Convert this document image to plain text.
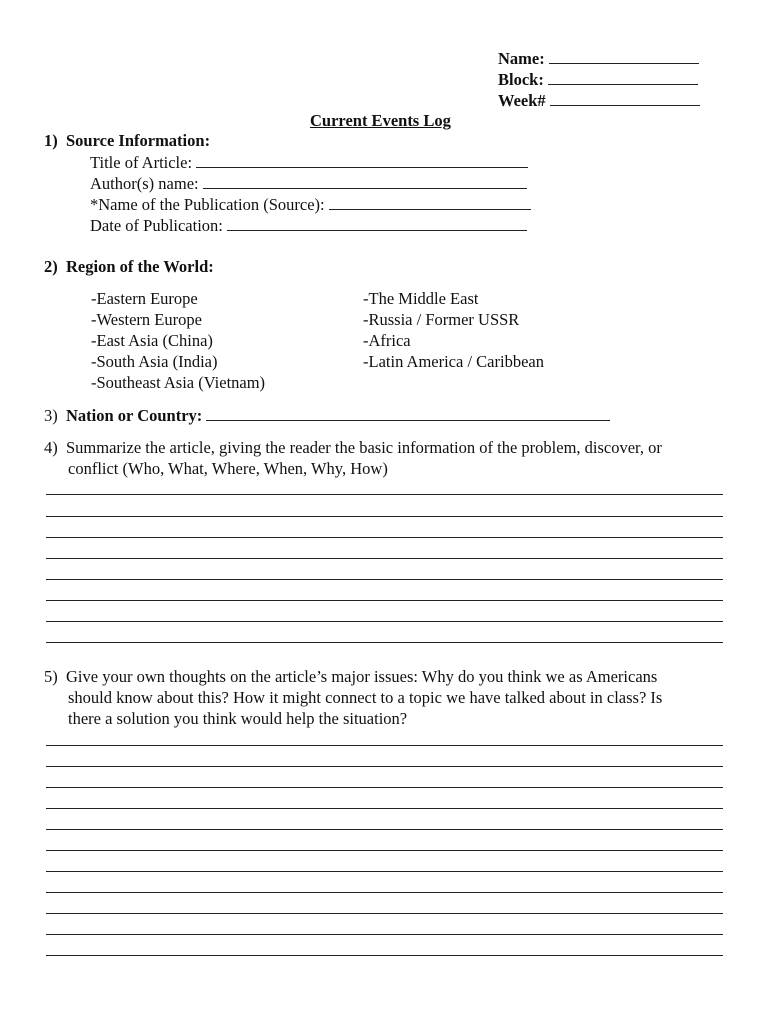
Name:
Block:
Week#
Current Events Log
1) Source Information:
Title of Article:
Author(s) name:
*Name of the Publication (Source):
Date of Publication:
2) Region of the World:
-Eastern Europe
-Western Europe
-East Asia (China)
-South Asia (India)
-Southeast Asia (Vietnam)
-The Middle East
-Russia / Former USSR
-Africa
-Latin America / Caribbean
3) Nation or Country:
4) Summarize the article, giving the reader the basic information of the problem, discover, or
conflict (Who, What, Where, When, Why, How)
5) Give your own thoughts on the article’s major issues: Why do you think we as Americans
should know about this? How it might connect to a topic we have talked about in class? Is
there a solution you think would help the situation?
